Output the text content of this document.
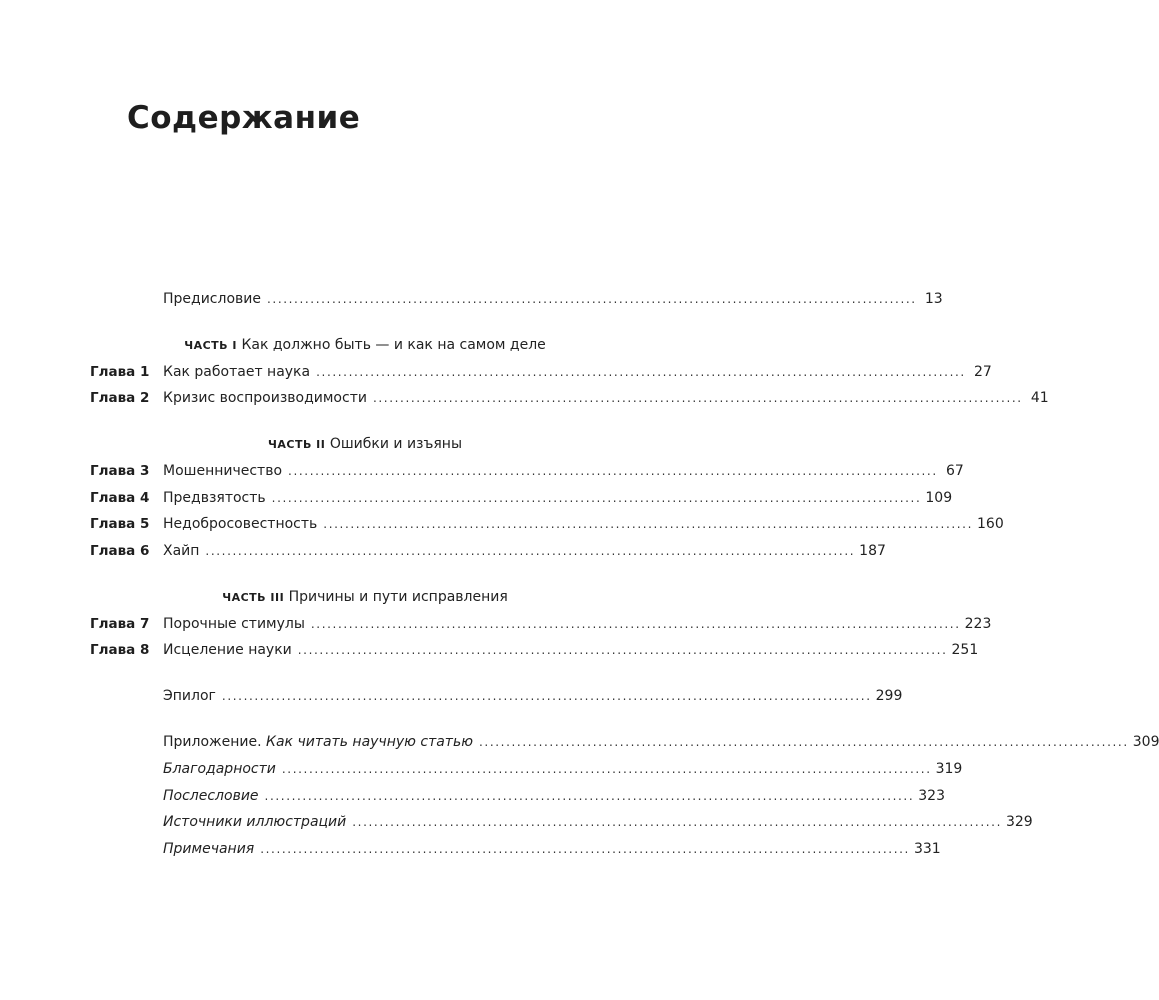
Содержание
Предисловие ........................................................................................................................ 13
ЧАСТЬ I Как должно быть — и как на самом деле
Глава 1 Как работает наука ........................................................................................................................ 27
Глава 2 Кризис воспроизводимости ........................................................................................................................ 41
ЧАСТЬ II Ошибки и изъяны
Глава 3 Мошенничество ........................................................................................................................ 67
Глава 4 Предвзятость ........................................................................................................................ 109
Глава 5 Недобросовестность ........................................................................................................................ 160
Глава 6 Хайп ........................................................................................................................ 187
ЧАСТЬ III Причины и пути исправления
Глава 7 Порочные стимулы ........................................................................................................................ 223
Глава 8 Исцеление науки ........................................................................................................................ 251
Эпилог ........................................................................................................................ 299
Приложение. Как читать научную статью ........................................................................................................................ 309
Благодарности ........................................................................................................................ 319
Послесловие ........................................................................................................................ 323
Источники иллюстраций ........................................................................................................................ 329
Примечания ........................................................................................................................ 331
